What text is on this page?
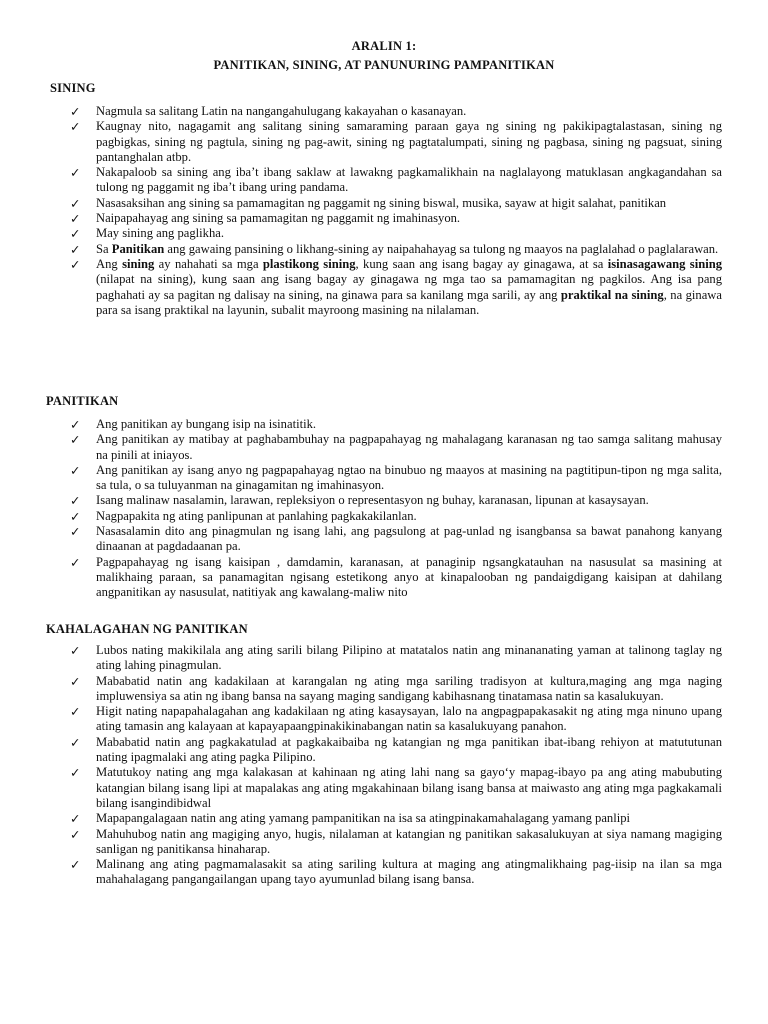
ARALIN 1:
PANITIKAN, SINING, AT PANUNURING PAMPANITIKAN
SINING
✓ Nagmula sa salitang Latin na nangangahulugang kakayahan o kasanayan.
✓ Kaugnay nito, nagagamit ang salitang sining samaraming paraan gaya ng sining ng pakikipagtalastasan, sining ng pagbigkas, sining ng pagtula, sining ng pag-awit, sining ng pagtatalumpati, sining ng pagbasa, sining ng pagsuat, sining pantanghalan atbp.
✓ Nakapaloob sa sining ang iba’t ibang saklaw at lawakng pagkamalikhain na naglalayong matuklasan angkagandahan sa tulong ng paggamit ng iba’t ibang uring pandama.
✓ Nasasaksihan ang sining sa pamamagitan ng paggamit ng sining biswal, musika, sayaw at higit salahat, panitikan
✓ Naipapahayag ang sining sa pamamagitan ng paggamit ng imahinasyon.
✓ May sining ang paglikha.
✓ Sa Panitikan ang gawaing pansining o likhang-sining ay naipahahayag sa tulong ng maayos na paglalahad o paglalarawan.
✓ Ang sining ay nahahati sa mga plastikong sining, kung saan ang isang bagay ay ginagawa, at sa isinasagawang sining (nilapat na sining), kung saan ang isang bagay ay ginagawa ng mga tao sa pamamagitan ng pagkilos. Ang isa pang paghahati ay sa pagitan ng dalisay na sining, na ginawa para sa kanilang mga sarili, ay ang praktikal na sining, na ginawa para sa isang praktikal na layunin, subalit mayroong masining na nilalaman.
PANITIKAN
✓ Ang panitikan ay bungang isip na isinatitik.
✓ Ang panitikan ay matibay at paghabambuhay na pagpapahayag ng mahalagang karanasan ng tao samga salitang mahusay na pinili at iniayos.
✓ Ang panitikan ay isang anyo ng pagpapahayag ngtao na binubuo ng maayos at masining na pagtitipun-tipon ng mga salita, sa tula, o sa tuluyanman na ginagamitan ng imahinasyon.
✓ Isang malinaw nasalamin, larawan, repleksiyon o representasyon ng buhay, karanasan, lipunan at kasaysayan.
✓ Nagpapakita ng ating panlipunan at panlahing pagkakakilanlan.
✓ Nasasalamin dito ang pinagmulan ng isang lahi, ang pagsulong at pag-unlad ng isangbansa sa bawat panahong kanyang dinaanan at pagdadaanan pa.
✓ Pagpapahayag ng isang kaisipan , damdamin, karanasan, at panaginip ngsangkatauhan na nasusulat sa masining at malikhaing paraan, sa panamagitan ngisang estetikong anyo at kinapalooban ng pandaigdigang kaisipan at dahilang angpanitikan ay nasusulat, natitiyak ang kawalang-maliw nito
KAHALAGAHAN NG PANITIKAN
✓ Lubos nating makikilala ang ating sarili bilang Pilipino at matatalos natin ang minananating yaman at talinong taglay ng ating lahing pinagmulan.
✓ Mababatid natin ang kadakilaan at karangalan ng ating mga sariling tradisyon at kultura,maging ang mga naging impluwensiya sa atin ng ibang bansa na sayang maging sandigang kabihasnang tinatamasa natin sa kasalukuyan.
✓ Higit nating napapahalagahan ang kadakilaan ng ating kasaysayan, lalo na angpagpapakasakit ng ating mga ninuno upang ating tamasin ang kalayaan at kapayapaangpinakikinabangan natin sa kasalukuyang panahon.
✓ Mababatid natin ang pagkakatulad at pagkakaibaiba ng katangian ng mga panitikan ibat-ibang rehiyon at matututunan nating ipagmalaki ang ating pagka Pilipino.
✓ Matutukoy nating ang mga kalakasan at kahinaan ng ating lahi nang sa gayo‘y mapag-ibayo pa ang ating mabubuting katangian bilang isang lipi at mapalakas ang ating mgakahinaan bilang isang bansa at maiwasto ang ating mga pagkakamali bilang isangindibidwal
✓ Mapapangalagaan natin ang ating yamang pampanitikan na isa sa atingpinakamahalagang yamang panlipi
✓ Mahuhubog natin ang magiging anyo, hugis, nilalaman at katangian ng panitikan sakasalukuyan at siya namang magiging sanligan ng panitikansa hinaharap.
✓ Malinang ang ating pagmamalasakit sa ating sariling kultura at maging ang atingmalikhaing pag-iisip na ilan sa mga mahahalagang pangangailangan upang tayo ayumunlad bilang isang bansa.
